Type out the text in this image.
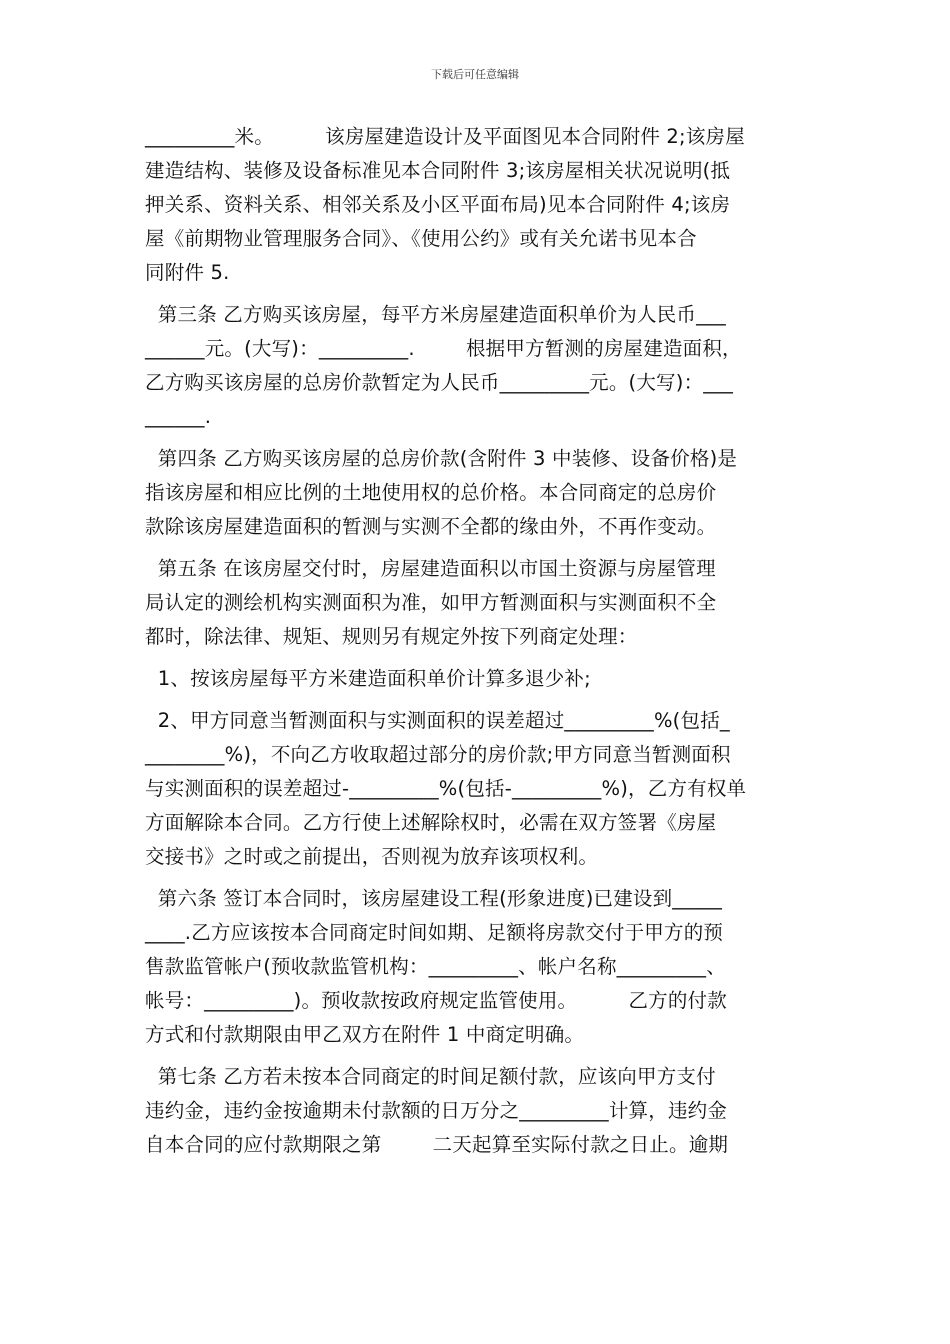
下载后可任意编辑
_________米。        该房屋建造设计及平面图见本合同附件 2;该房屋
建造结构、装修及设备标准见本合同附件 3;该房屋相关状况说明(抵
押关系、资料关系、相邻关系及小区平面布局)见本合同附件 4;该房
屋《前期物业管理服务合同》、《使用公约》或有关允诺书见本合
同附件 5.
第三条 乙方购买该房屋，每平方米房屋建造面积单价为人民币___
______元。(大写)：_________.        根据甲方暂测的房屋建造面积，
乙方购买该房屋的总房价款暂定为人民币_________元。(大写)：___
______.
第四条 乙方购买该房屋的总房价款(含附件 3 中装修、设备价格)是
指该房屋和相应比例的土地使用权的总价格。本合同商定的总房价
款除该房屋建造面积的暂测与实测不全都的缘由外，不再作变动。
第五条 在该房屋交付时，房屋建造面积以市国土资源与房屋管理
局认定的测绘机构实测面积为准，如甲方暂测面积与实测面积不全
都时，除法律、规矩、规则另有规定外按下列商定处理：
1、按该房屋每平方米建造面积单价计算多退少补;
2、甲方同意当暂测面积与实测面积的误差超过_________%(包括_
________%)，不向乙方收取超过部分的房价款;甲方同意当暂测面积
与实测面积的误差超过-_________%(包括-_________%)，乙方有权单
方面解除本合同。乙方行使上述解除权时，必需在双方签署《房屋
交接书》之时或之前提出，否则视为放弃该项权利。
第六条 签订本合同时，该房屋建设工程(形象进度)已建设到_____
____.乙方应该按本合同商定时间如期、足额将房款交付于甲方的预
售款监管帐户(预收款监管机构：_________、帐户名称_________、
帐号：_________)。预收款按政府规定监管使用。        乙方的付款
方式和付款期限由甲乙双方在附件 1 中商定明确。
第七条 乙方若未按本合同商定的时间足额付款，应该向甲方支付
违约金，违约金按逾期未付款额的日万分之_________计算，违约金
自本合同的应付款期限之第        二天起算至实际付款之日止。逾期
